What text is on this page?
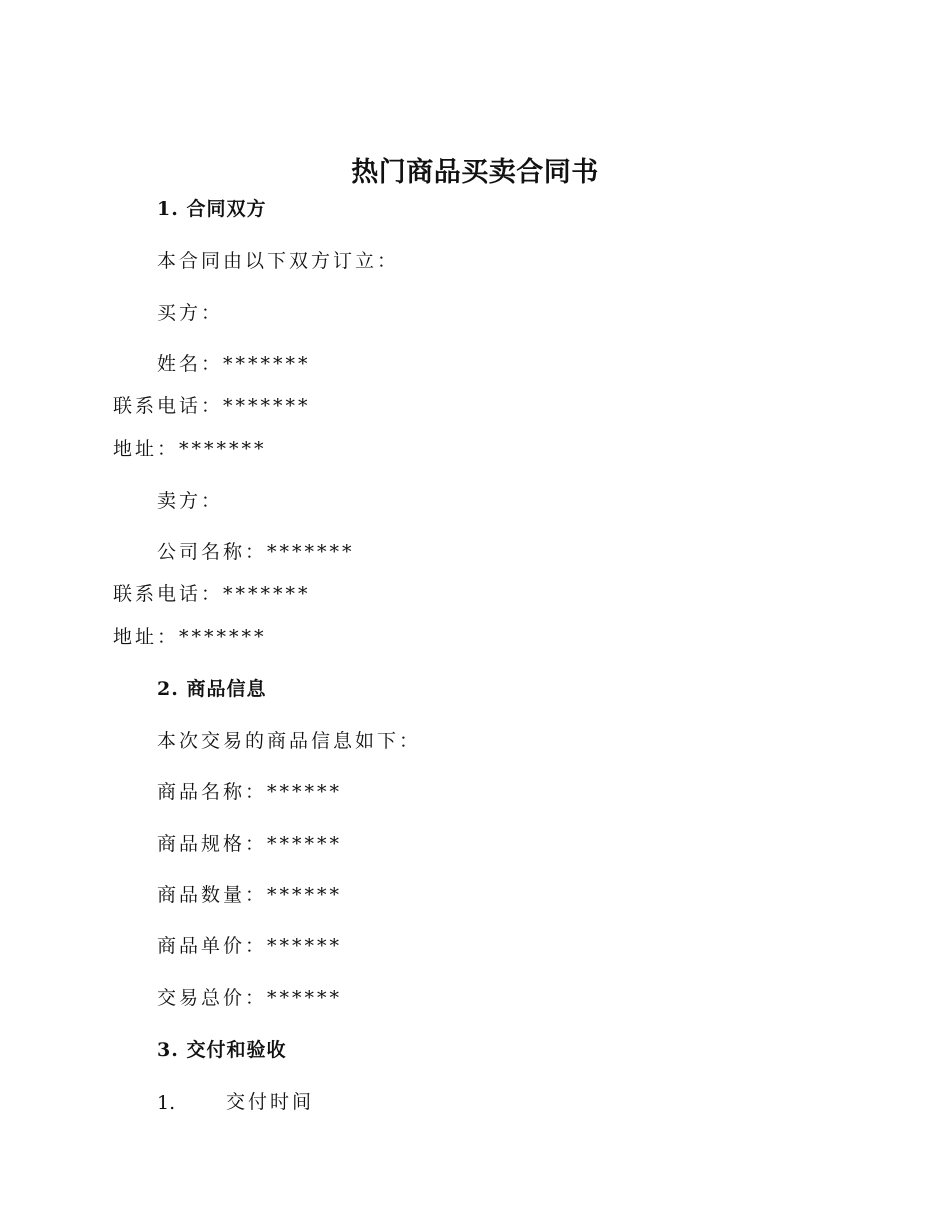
热门商品买卖合同书
1. 合同双方
本合同由以下双方订立：
买方：
姓名：*******
联系电话：*******
地址：*******
卖方：
公司名称：*******
联系电话：*******
地址：*******
2. 商品信息
本次交易的商品信息如下：
商品名称：******
商品规格：******
商品数量：******
商品单价：******
交易总价：******
3. 交付和验收
1.	交付时间
